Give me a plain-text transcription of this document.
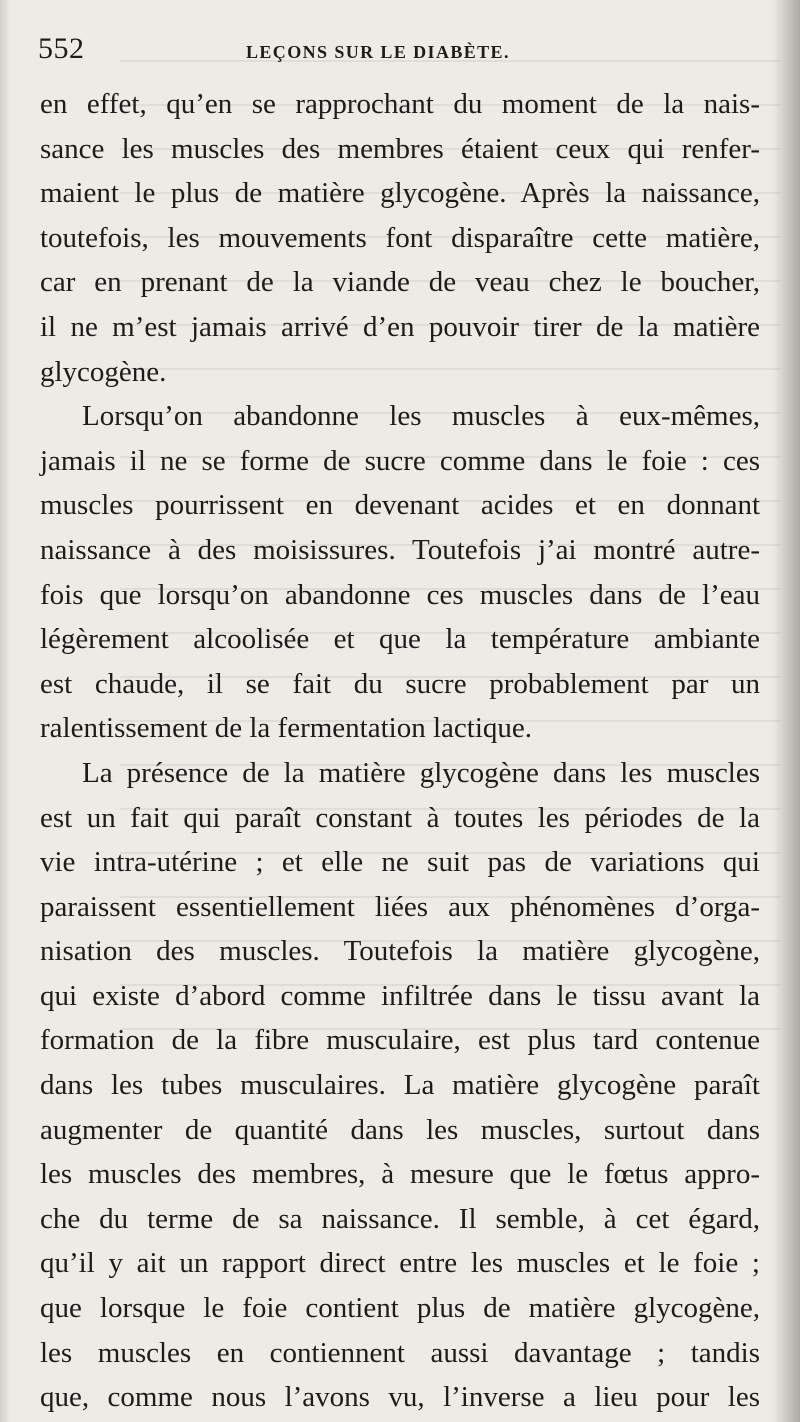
552	LEÇONS SUR LE DIABÈTE.
en effet, qu’en se rapprochant du moment de la nais-
sance les muscles des membres étaient ceux qui renfer-
maient le plus de matière glycogène. Après la naissance,
toutefois, les mouvements font disparaître cette matière,
car en prenant de la viande de veau chez le boucher,
il ne m’est jamais arrivé d’en pouvoir tirer de la matière
glycogène.
Lorsqu’on abandonne les muscles à eux-mêmes,
jamais il ne se forme de sucre comme dans le foie : ces
muscles pourrissent en devenant acides et en donnant
naissance à des moisissures. Toutefois j’ai montré autre-
fois que lorsqu’on abandonne ces muscles dans de l’eau
légèrement alcoolisée et que la température ambiante
est chaude, il se fait du sucre probablement par un
ralentissement de la fermentation lactique.
La présence de la matière glycogène dans les muscles
est un fait qui paraît constant à toutes les périodes de la
vie intra-utérine ; et elle ne suit pas de variations qui
paraissent essentiellement liées aux phénomènes d’orga-
nisation des muscles. Toutefois la matière glycogène,
qui existe d’abord comme infiltrée dans le tissu avant la
formation de la fibre musculaire, est plus tard contenue
dans les tubes musculaires. La matière glycogène paraît
augmenter de quantité dans les muscles, surtout dans
les muscles des membres, à mesure que le fœtus appro-
che du terme de sa naissance. Il semble, à cet égard,
qu’il y ait un rapport direct entre les muscles et le foie ;
que lorsque le foie contient plus de matière glycogène,
les muscles en contiennent aussi davantage ; tandis
que, comme nous l’avons vu, l’inverse a lieu pour les
